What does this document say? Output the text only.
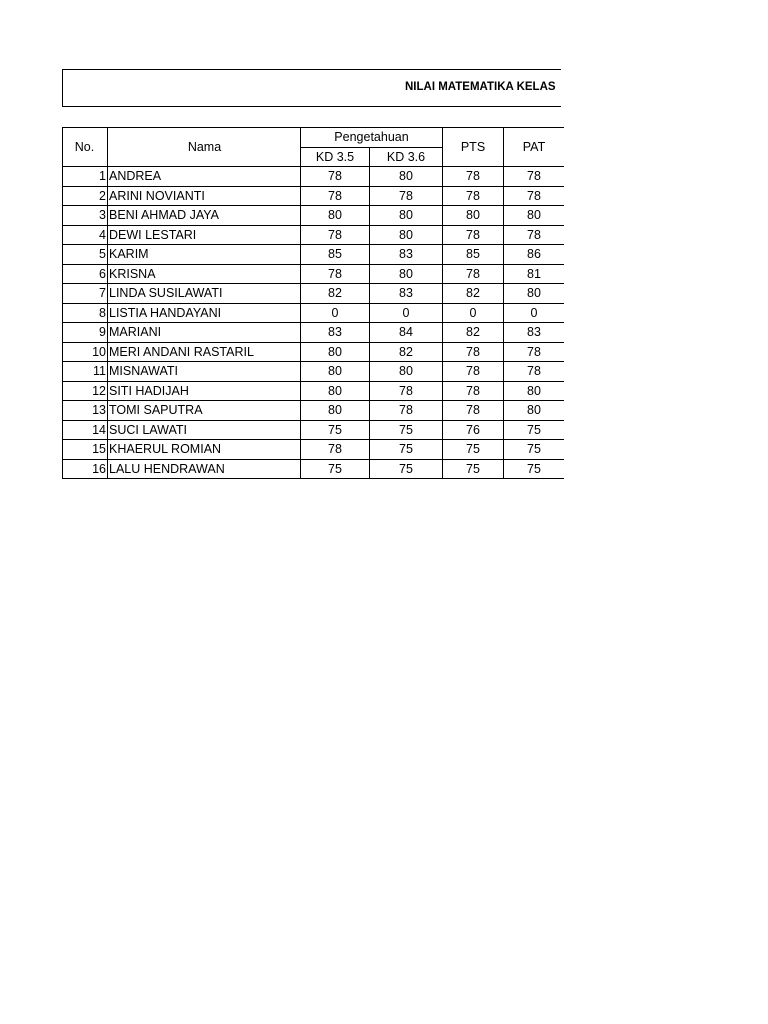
NILAI MATEMATIKA KELAS
No.	Nama	Pengetahuan		PTS	PAT
		KD 3.5	KD 3.6		
1	ANDREA	78	80	78	78
2	ARINI NOVIANTI	78	78	78	78
3	BENI AHMAD JAYA	80	80	80	80
4	DEWI LESTARI	78	80	78	78
5	KARIM	85	83	85	86
6	KRISNA	78	80	78	81
7	LINDA SUSILAWATI	82	83	82	80
8	LISTIA HANDAYANI	0	0	0	0
9	MARIANI	83	84	82	83
10	MERI ANDANI RASTARIL	80	82	78	78
11	MISNAWATI	80	80	78	78
12	SITI HADIJAH	80	78	78	80
13	TOMI SAPUTRA	80	78	78	80
14	SUCI LAWATI	75	75	76	75
15	KHAERUL ROMIAN	78	75	75	75
16	LALU HENDRAWAN	75	75	75	75
